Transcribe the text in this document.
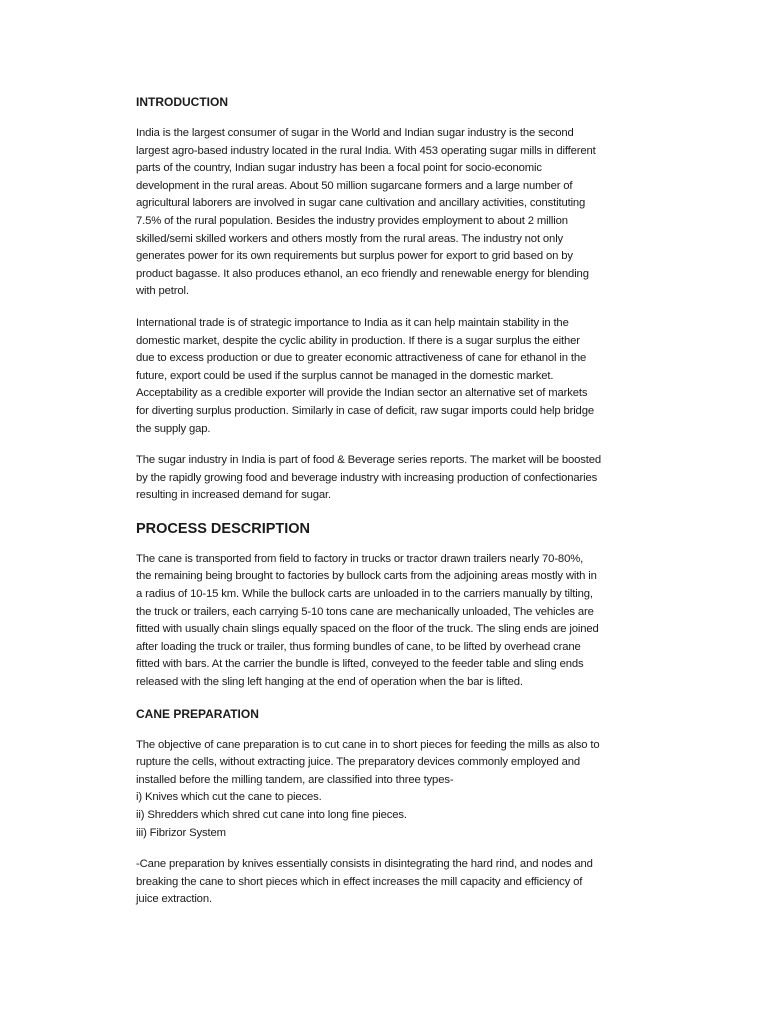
INTRODUCTION

India is the largest consumer of sugar in the World and Indian sugar industry is the second
largest agro-based industry located in the rural India. With 453 operating sugar mills in different
parts of the country, Indian sugar industry has been a focal point for socio-economic
development in the rural areas. About 50 million sugarcane formers and a large number of
agricultural laborers are involved in sugar cane cultivation and ancillary activities, constituting
7.5% of the rural population. Besides the industry provides employment to about 2 million
skilled/semi skilled workers and others mostly from the rural areas. The industry not only
generates power for its own requirements but surplus power for export to grid based on by
product bagasse. It also produces ethanol, an eco friendly and renewable energy for blending
with petrol.

International trade is of strategic importance to India as it can help maintain stability in the
domestic market, despite the cyclic ability in production. If there is a sugar surplus the either
due to excess production or due to greater economic attractiveness of cane for ethanol in the
future, export could be used if the surplus cannot be managed in the domestic market.
Acceptability as a credible exporter will provide the Indian sector an alternative set of markets
for diverting surplus production. Similarly in case of deficit, raw sugar imports could help bridge
the supply gap.

The sugar industry in India is part of food & Beverage series reports. The market will be boosted
by the rapidly growing food and beverage industry with increasing production of confectionaries
resulting in increased demand for sugar.

PROCESS DESCRIPTION

The cane is transported from field to factory in trucks or tractor drawn trailers nearly 70-80%,
the remaining being brought to factories by bullock carts from the adjoining areas mostly with in
a radius of 10-15 km. While the bullock carts are unloaded in to the carriers manually by tilting,
the truck or trailers, each carrying 5-10 tons cane are mechanically unloaded, The vehicles are
fitted with usually chain slings equally spaced on the floor of the truck. The sling ends are joined
after loading the truck or trailer, thus forming bundles of cane, to be lifted by overhead crane
fitted with bars. At the carrier the bundle is lifted, conveyed to the feeder table and sling ends
released with the sling left hanging at the end of operation when the bar is lifted.

CANE PREPARATION

The objective of cane preparation is to cut cane in to short pieces for feeding the mills as also to
rupture the cells, without extracting juice. The preparatory devices commonly employed and
installed before the milling tandem, are classified into three types-
i) Knives which cut the cane to pieces.
ii) Shredders which shred cut cane into long fine pieces.
iii) Fibrizor System

-Cane preparation by knives essentially consists in disintegrating the hard rind, and nodes and
breaking the cane to short pieces which in effect increases the mill capacity and efficiency of
juice extraction.
